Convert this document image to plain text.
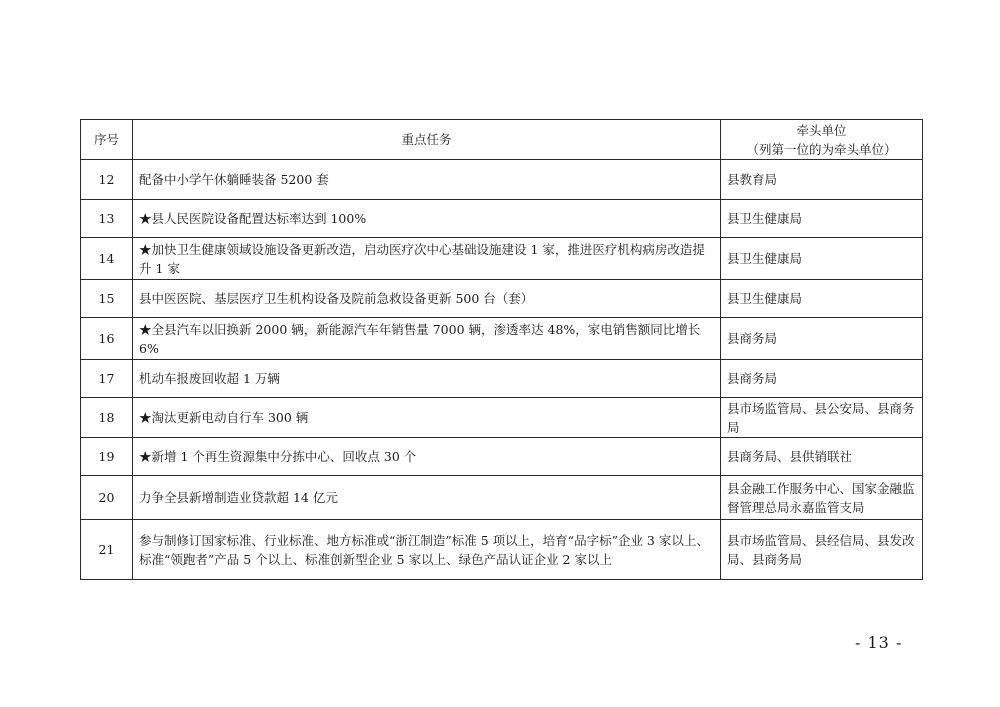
序号	重点任务	牵头单位
（列第一位的为牵头单位）

12	配备中小学午休躺睡装备 5200 套	县教育局
13	★县人民医院设备配置达标率达到 100%	县卫生健康局
14	★加快卫生健康领域设施设备更新改造，启动医疗次中心基础设施建设 1 家，推进医疗机构病房改造提升 1 家	县卫生健康局
15	县中医医院、基层医疗卫生机构设备及院前急救设备更新 500 台（套）	县卫生健康局
16	★全县汽车以旧换新 2000 辆，新能源汽车年销售量 7000 辆，渗透率达 48%，家电销售额同比增长 6%	县商务局
17	机动车报废回收超 1 万辆	县商务局
18	★淘汰更新电动自行车 300 辆	县市场监管局、县公安局、县商务局
19	★新增 1 个再生资源集中分拣中心、回收点 30 个	县商务局、县供销联社
20	力争全县新增制造业贷款超 14 亿元	县金融工作服务中心、国家金融监督管理总局永嘉监管支局
21	参与制修订国家标准、行业标准、地方标准或“浙江制造”标准 5 项以上，培育“品字标”企业 3 家以上、标准“领跑者”产品 5 个以上、标准创新型企业 5 家以上、绿色产品认证企业 2 家以上	县市场监管局、县经信局、县发改局、县商务局
- 13 -
